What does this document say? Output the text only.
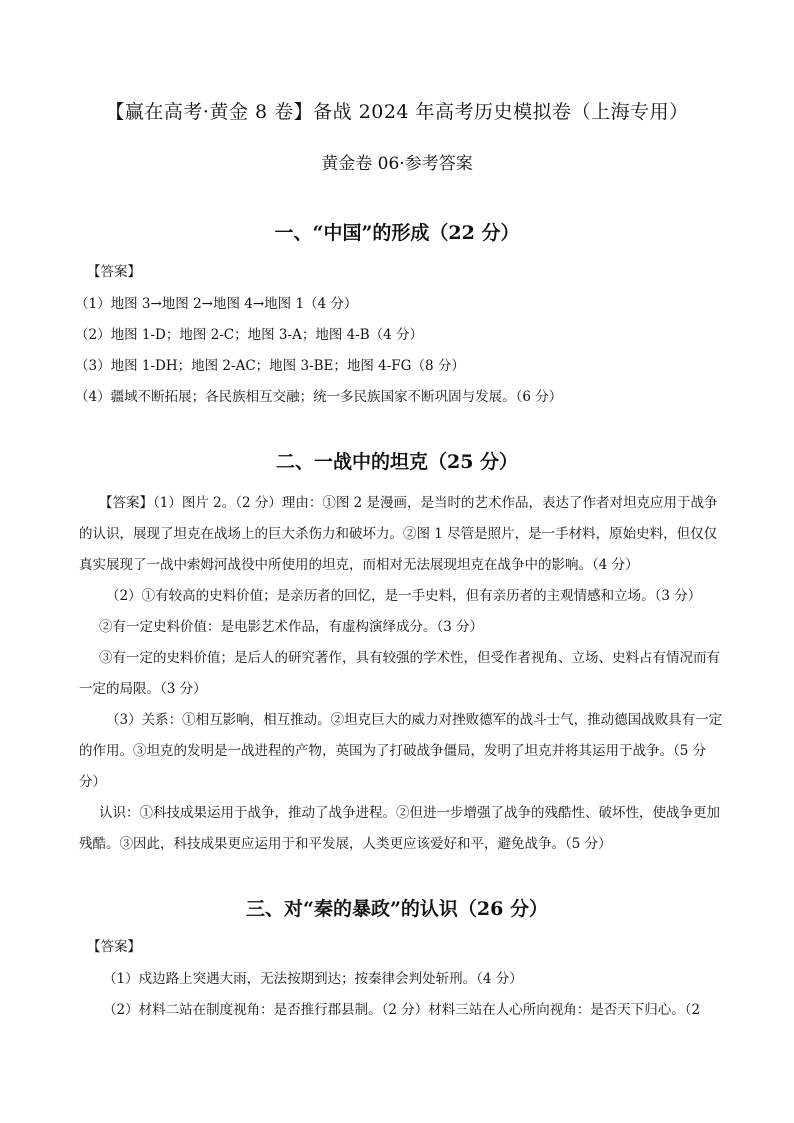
【赢在高考·黄金 8 卷】备战 2024 年高考历史模拟卷（上海专用）
黄金卷 06·参考答案
一、“中国”的形成（22 分）
【答案】
（1）地图 3→地图 2→地图 4→地图 1（4 分）
（2）地图 1-D；地图 2-C；地图 3-A；地图 4-B（4 分）
（3）地图 1-DH；地图 2-AC；地图 3-BE；地图 4-FG（8 分）
（4）疆域不断拓展；各民族相互交融；统一多民族国家不断巩固与发展。（6 分）
二、一战中的坦克（25 分）

【答案】（1）图片 2。（2 分）理由：①图 2 是漫画，是当时的艺术作品，表达了作者对坦克应用于战争的认识，展现了坦克在战场上的巨大杀伤力和破坏力。②图 1 尽管是照片，是一手材料，原始史料，但仅仅真实展现了一战中索姆河战役中所使用的坦克，而相对无法展现坦克在战争中的影响。（4 分）

（2）①有较高的史料价值；是亲历者的回忆，是一手史料，但有亲历者的主观情感和立场。（3 分）

②有一定史料价值：是电影艺术作品，有虚构演绎成分。（3 分）

③有一定的史料价值；是后人的研究著作，具有较强的学术性，但受作者视角、立场、史料占有情况而有一定的局限。（3 分）

（3）关系：①相互影响，相互推动。②坦克巨大的威力对挫败德军的战斗士气，推动德国战败具有一定的作用。③坦克的发明是一战进程的产物，英国为了打破战争僵局，发明了坦克并将其运用于战争。（5 分分）

认识：①科技成果运用于战争，推动了战争进程。②但进一步增强了战争的残酷性、破坏性，使战争更加残酷。③因此，科技成果更应运用于和平发展，人类更应该爱好和平，避免战争。（5 分）

三、对“秦的暴政”的认识（26 分）
【答案】
（1）戍边路上突遇大雨，无法按期到达；按秦律会判处斩刑。（4 分）
（2）材料二站在制度视角：是否推行郡县制。（2 分）材料三站在人心所向视角：是否天下归心。（2
